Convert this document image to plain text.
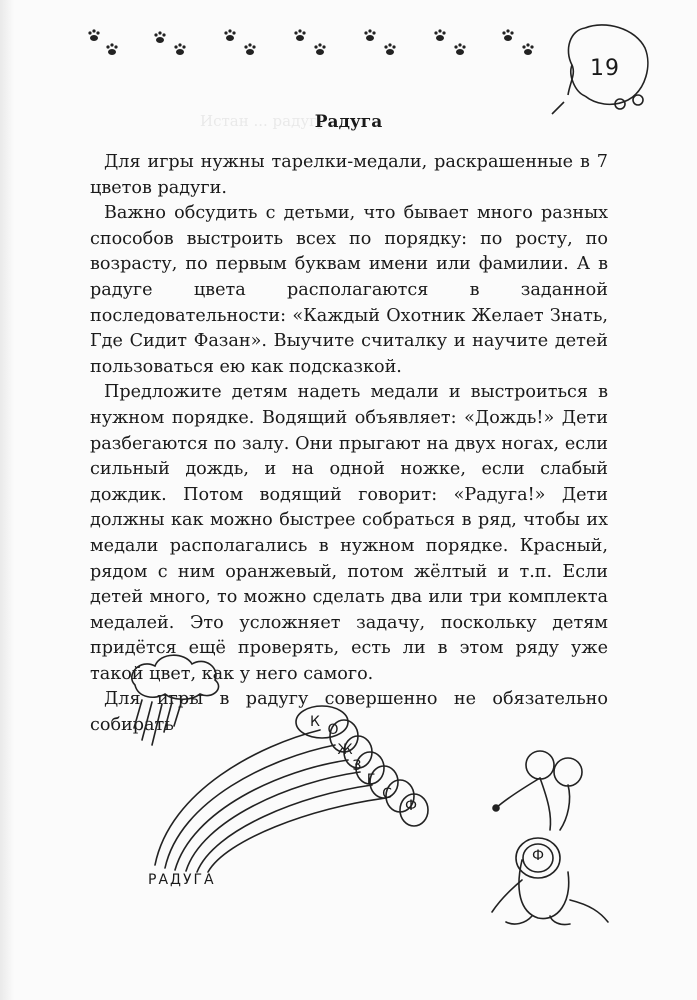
19
Истан ... радугу
Радуга

Для игры нужны тарелки-медали, раскрашенные в 7 цветов радуги.

Важно обсудить с детьми, что бывает много разных способов выстроить всех по порядку: по росту, по возрасту, по первым буквам имени или фамилии. А в радуге цвета располагаются в заданной последовательности: «Каждый Охотник Желает Знать, Где Сидит Фазан». Выучите считалку и научите детей пользоваться ею как подсказкой.

Предложите детям надеть медали и выстроиться в нужном порядке. Водящий объявляет: «Дождь!» Дети разбегаются по залу. Они прыгают на двух ногах, если сильный дождь, и на одной ножке, если слабый дождик. Потом водящий говорит: «Радуга!» Дети должны как можно быстрее собраться в ряд, чтобы их медали располагались в нужном порядке. Красный, рядом с ним оранжевый, потом жёлтый и т.п. Если детей много, то можно сделать два или три комплекта медалей. Это усложняет задачу, поскольку детям придётся ещё проверять, есть ли в этом ряду уже такой цвет, как у него самого.

Для игры в радугу совершенно не обязательно собирать	К О
Ж
З
Г
С
Ф
Ф
РАДУГА
